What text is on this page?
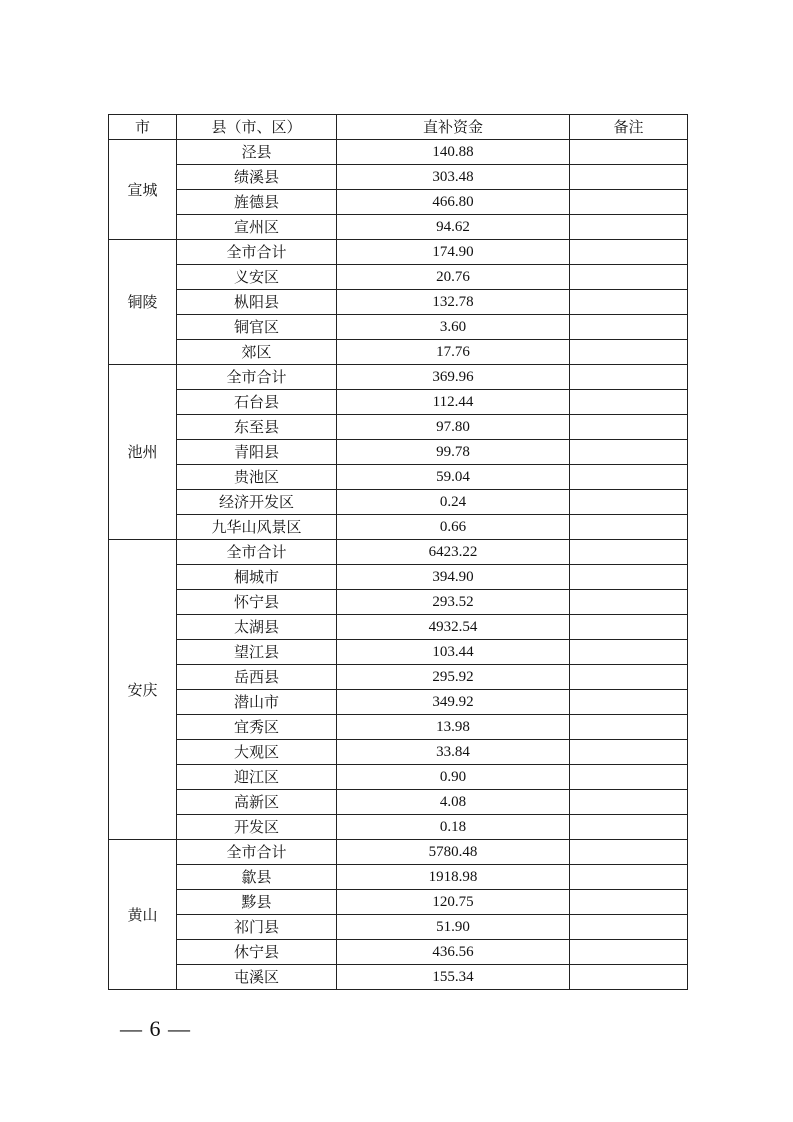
市	县（市、区）	直补资金	备注
宣城	泾县	140.88	
	绩溪县	303.48	
	旌德县	466.80	
	宣州区	94.62	
铜陵	全市合计	174.90	
	义安区	20.76	
	枞阳县	132.78	
	铜官区	3.60	
	郊区	17.76	
池州	全市合计	369.96	
	石台县	112.44	
	东至县	97.80	
	青阳县	99.78	
	贵池区	59.04	
	经济开发区	0.24	
	九华山风景区	0.66	
安庆	全市合计	6423.22	
	桐城市	394.90	
	怀宁县	293.52	
	太湖县	4932.54	
	望江县	103.44	
	岳西县	295.92	
	潜山市	349.92	
	宜秀区	13.98	
	大观区	33.84	
	迎江区	0.90	
	高新区	4.08	
	开发区	0.18	
黄山	全市合计	5780.48	
	歙县	1918.98	
	黟县	120.75	
	祁门县	51.90	
	休宁县	436.56	
	屯溪区	155.34	
— 6 —
